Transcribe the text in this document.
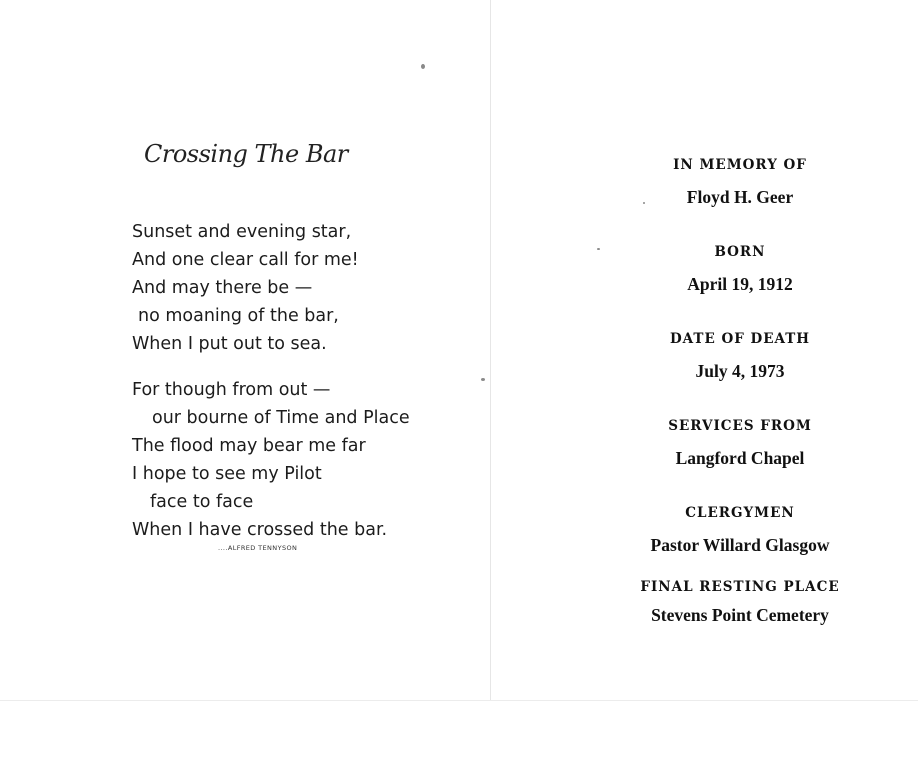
Crossing The Bar
Sunset and evening star,
And one clear call for me!
And may there be —
no moaning of the bar,
When I put out to sea.
For though from out —
our bourne of Time and Place
The flood may bear me far
I hope to see my Pilot
face to face
When I have crossed the bar.
....ALFRED TENNYSON
IN MEMORY OF
Floyd H. Geer
BORN
April 19, 1912
DATE OF DEATH
July 4, 1973
SERVICES FROM
Langford Chapel
CLERGYMEN
Pastor Willard Glasgow
FINAL RESTING PLACE
Stevens Point Cemetery
